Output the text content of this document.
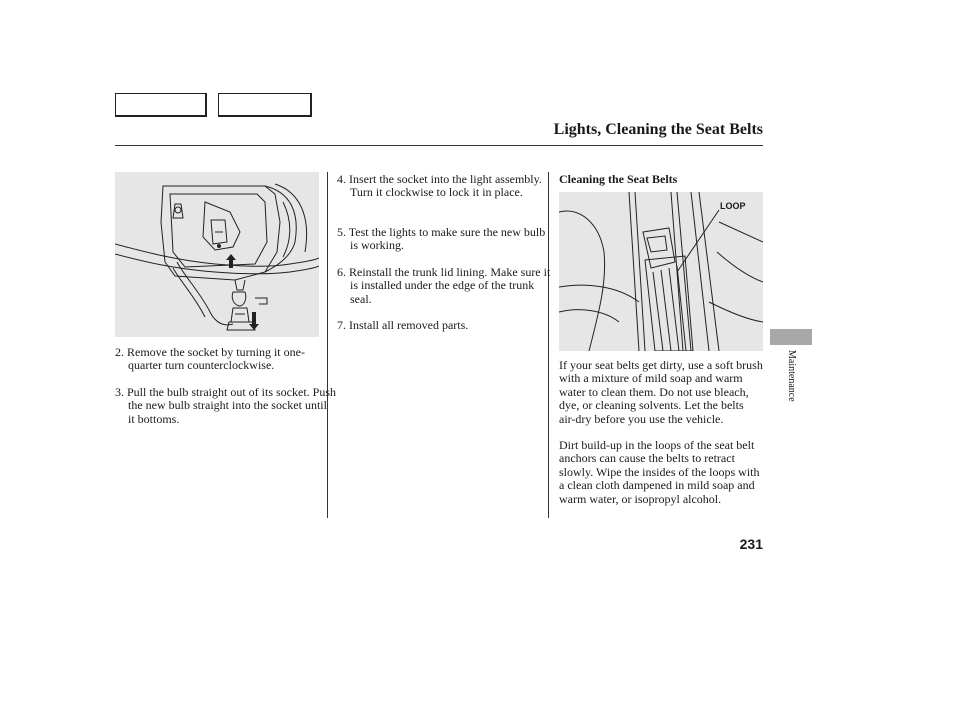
Lights, Cleaning the Seat Belts
2. Remove the socket by turning it one-quarter turn counterclockwise.
3. Pull the bulb straight out of its socket. Push the new bulb straight into the socket until it bottoms.
4. Insert the socket into the light assembly. Turn it clockwise to lock it in place.
5. Test the lights to make sure the new bulb is working.
6. Reinstall the trunk lid lining. Make sure it is installed under the edge of the trunk seal.
7. Install all removed parts.
Cleaning the Seat Belts
LOOP
If your seat belts get dirty, use a soft brush with a mixture of mild soap and warm water to clean them. Do not use bleach, dye, or cleaning solvents. Let the belts air-dry before you use the vehicle.
Dirt build-up in the loops of the seat belt anchors can cause the belts to retract slowly. Wipe the insides of the loops with a clean cloth dampened in mild soap and warm water, or isopropyl alcohol.
Maintenance
231
